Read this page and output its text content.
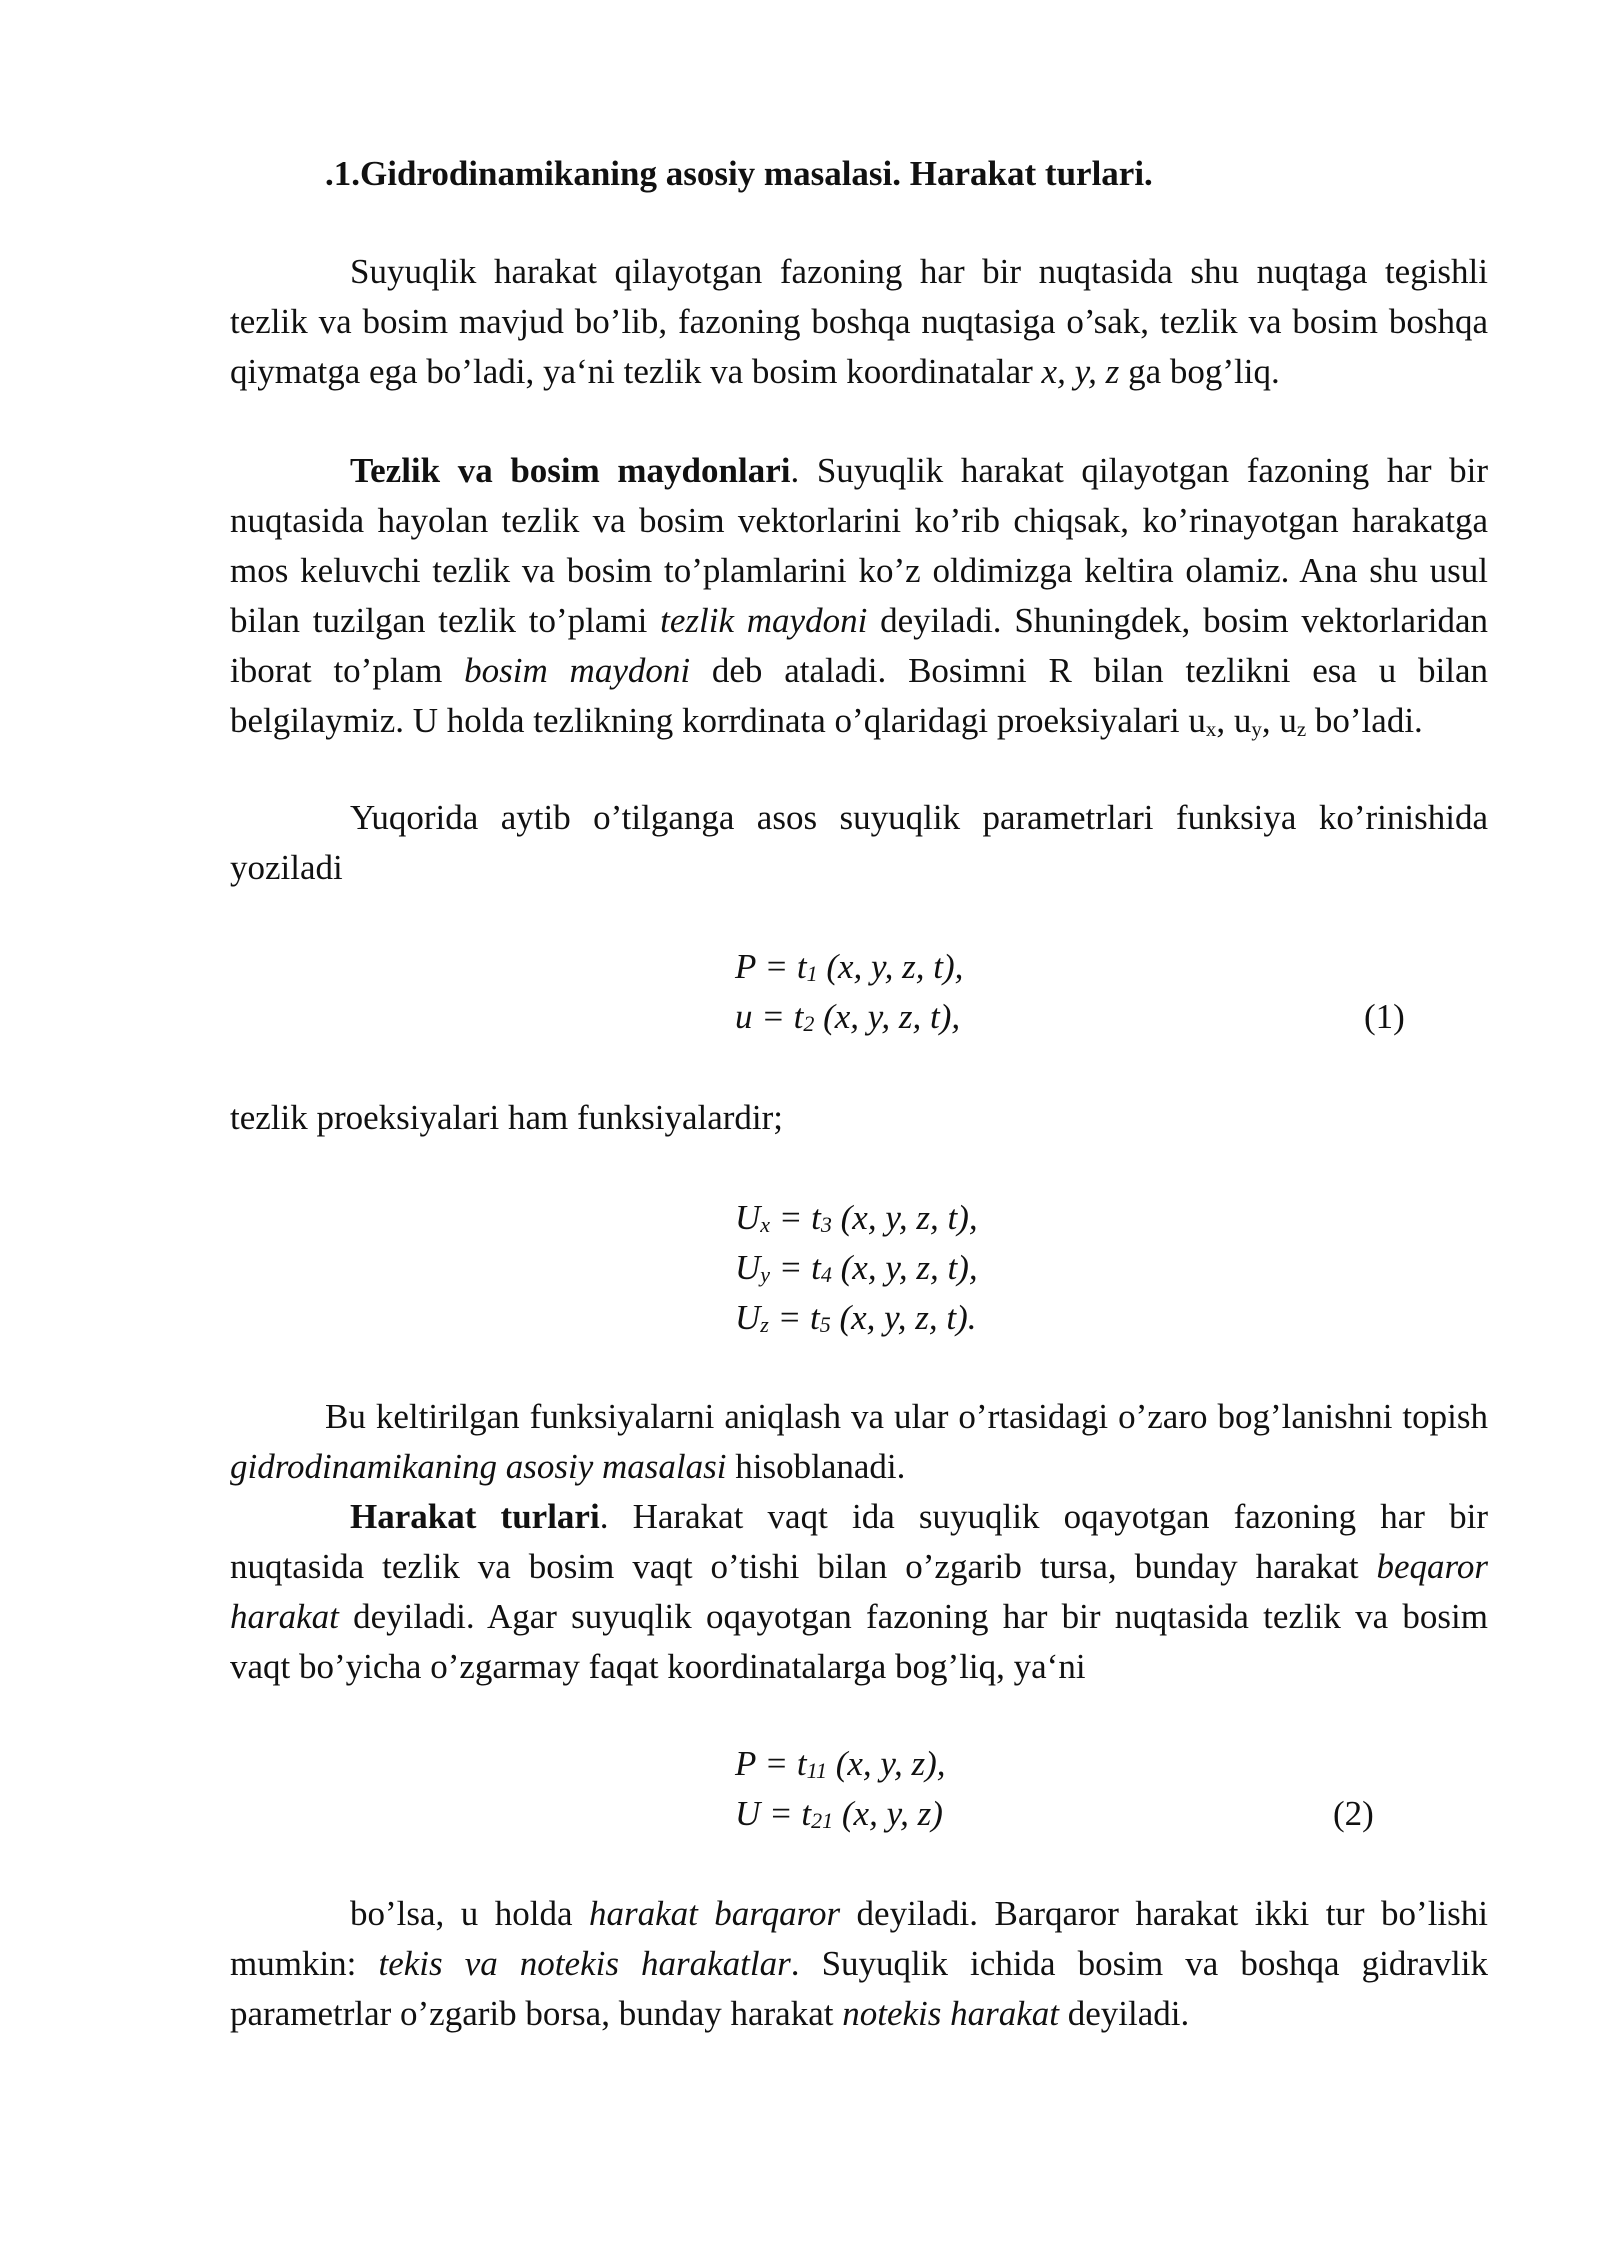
.1.Gidrodinamikaning asosiy masalasi. Harakat turlari.
Suyuqlik harakat qilayotgan fazoning har bir nuqtasida shu nuqtaga tegishli tezlik va bosim mavjud bo’lib, fazoning boshqa nuqtasiga o’sak, tezlik va bosim boshqa qiymatga ega bo’ladi, ya‘ni tezlik va bosim koordinatalar x, y, z ga bog’liq.
Tezlik va bosim maydonlari. Suyuqlik harakat qilayotgan fazoning har bir nuqtasida hayolan tezlik va bosim vektorlarini ko’rib chiqsak, ko’rinayotgan harakatga mos keluvchi tezlik va bosim to’plamlarini ko’z oldimizga keltira olamiz. Ana shu usul bilan tuzilgan tezlik to’plami tezlik maydoni deyiladi. Shuningdek, bosim vektorlaridan iborat to’plam bosim maydoni deb ataladi. Bosimni R bilan tezlikni esa u bilan belgilaymiz. U holda tezlikning korrdinata o’qlaridagi proeksiyalari $u_x$, $u_y$, $u_z$ bo’ladi.
Yuqorida aytib o’tilganga asos suyuqlik parametrlari funksiya ko’rinishida yoziladi
$P = t_1$ (x, y, z, t),
$u = t_2$ (x, y, z, t),	(1)
tezlik proeksiyalari ham funksiyalardir;
$U_x = t_3$ (x, y, z, t),
$U_y = t_4$ (x, y, z, t),
$U_z = t_5$ (x, y, z, t).
Bu keltirilgan funksiyalarni aniqlash va ular o’rtasidagi o’zaro bog’lanishni topish gidrodinamikaning asosiy masalasi hisoblanadi.
Harakat turlari. Harakat vaqt ida suyuqlik oqayotgan fazoning har bir nuqtasida tezlik va bosim vaqt o’tishi bilan o’zgarib tursa, bunday harakat beqaror harakat deyiladi. Agar suyuqlik oqayotgan fazoning har bir nuqtasida tezlik va bosim vaqt bo’yicha o’zgarmay faqat koordinatalarga bog’liq, ya‘ni
$P = t_{11}$ (x, y, z),
$U = t_{21}$ (x, y, z)	(2)
bo’lsa, u holda harakat barqaror deyiladi. Barqaror harakat ikki tur bo’lishi mumkin: tekis va notekis harakatlar. Suyuqlik ichida bosim va boshqa gidravlik parametrlar o’zgarib borsa, bunday harakat notekis harakat deyiladi.
